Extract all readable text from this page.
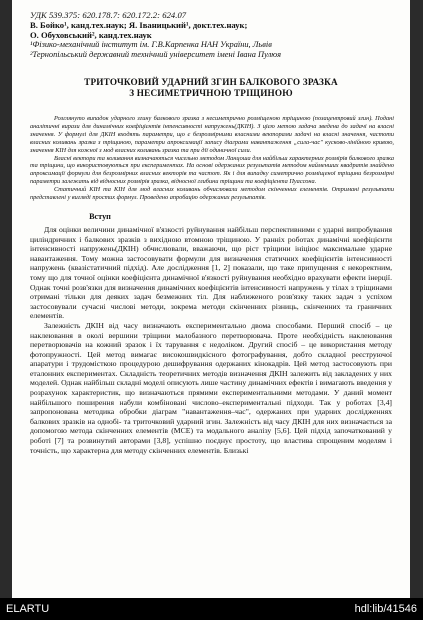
УДК 539.375: 620.178.7: 620.172.2: 624.07
В. Бойко¹, канд.тех.наук; Я. Іваницький¹, докт.тех.наук;
О. Обуховський², канд.тех.наук
¹Фізико-механічний інститут ім. Г.В.Карпенка НАН України, Львів
²Тернопільський державний технічний університет імені Івана Пулюя
ТРИТОЧКОВИЙ УДАРНИЙ ЗГИН БАЛКОВОГО ЗРАЗКА
З НЕСИМЕТРИЧНОЮ ТРІЩИНОЮ

Розглянуто випадок ударного згину балкового зразка з несиметрично розміщеною тріщиною (позацентровий згин). Подані аналітичні вирази для динамічних коефіцієнтів інтенсивності напружень(ДКІН). З цією метою ⁠задача ⁠зведена до задачі на власні значення. У формулі для ДКІН входять параметри, що є безрозмірними власними векторами задачі на власні значення, частоти власних коливань зразка з тріщиною, параметри апроксимації запису діаграми навантаження „сила-час" кусково-лінійною кривою, значення КІН для кожної з мод власних коливань зразка та при дії одиничної сили.

Власні вектори та коливання визначаються чисельно методом Ланцоша для найбільш характерних розмірів балкового зразка та тріщини, що використовуються при експериментах. На основі одержаних результатів методом найменших квадратів знайдено апроксимації формули для безрозмірних власних векторів та частот. Як і для випадку симетрично розміщеної тріщини безрозмірні параметри залежать від відносних розмірів зразка, відносної глибини тріщини та коефіцієнта Пуассона.

Статичний КІН та КІН для мод власних коливань обчислювали методом скінченних елементів. Отримані результати представлені у вигляді простих формул. Проведено апробацію одержаних результатів.

Вступ

Для оцінки величини динамічної в'язкості руйнування найбільш перспективними є ударні випробування циліндричних і балкових зразків з вихідною втомною тріщиною. У ранніх роботах динамічні коефіцієнти інтенсивності напружень(ДКІН) обчислювали, вважаючи, що ріст тріщини ініціює максимальне ударне навантаження. Тому можна застосовувати формули для визначення статичних коефіцієнтів інтенсивності напружень (квазістатичний підхід). Але дослідження [1, 2] показали, що таке припущення є некоректним, тому що для точної оцінки коефіцієнта динамічної в'язкості руйнування необхідно врахувати ефекти інерції. Однак точні розв'язки для визначення динамічних коефіцієнтів інтенсивності напружень у тілах з тріщинами отримані тільки для деяких задач безмежних тіл. Для наближеного розв'язку таких задач з успіхом застосовували сучасні числові методи, зокрема методи скінченних різниць, скінченних та граничних елементів.

Залежність ДКІН від часу визначають експериментально двома способами. Перший спосіб – це наклеювання в околі вершини тріщини малобазного перетворювача. Проте необхідність наклеювання перетворювачів на кожний зразок і їх тарування є недоліком. Другий спосіб – це використання методу фотопружності. Цей метод вимагає високошвидкісного фотографування, добто складної реєструючої апаратури і трудомісткою процедурою дешифрування одержаних кінокадрів. Цей метод застосовують при еталонних експериментах. Складність теоретичних методів визначення ДКІН залежить від закладених у них моделей. Однак найбільш складні моделі описують лише частину динамічних ефектів і вимагають введення у розрахунок характеристик, що визначаються прямими експериментальними методами. У даний момент найбільшого поширення набули комбіновані числово–експериментальні підходи. Так у роботах [3,4] запропонована методика обробки діаграм "навантаження–час", одержаних при ударних дослідженнях балкових зразків на однобі- та триточковий ударний згин. Залежність від часу ДКІН для них визначається за допомогою метода скінченних елементів (МСЕ) та модального аналізу [5,6]. Цей підхід започаткований у роботі [7] та розвинутий авторами [3,8], успішно поєднує простоту, що властива спрощеним моделям і точність, що характерна для методу скінченних елементів. Близькі

ELARTU	hdl:lib/41546
